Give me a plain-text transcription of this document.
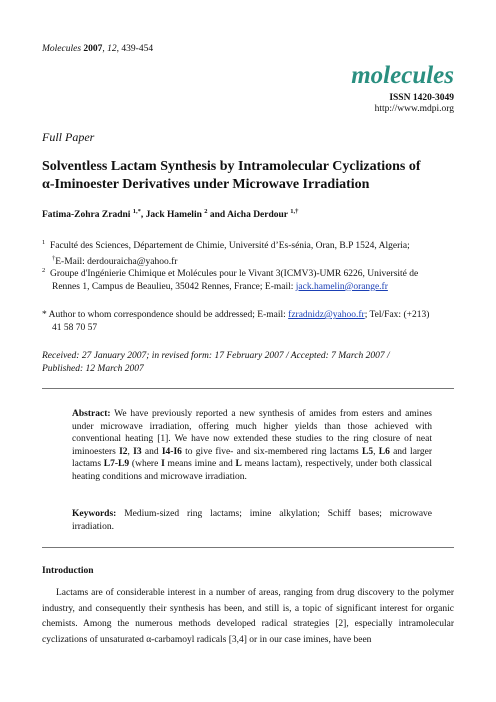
Molecules 2007, 12, 439-454
molecules
ISSN 1420-3049
http://www.mdpi.org
Full Paper
Solventless Lactam Synthesis by Intramolecular Cyclizations of
α-Iminoester Derivatives under Microwave Irradiation
Fatima-Zohra Zradni $^{1,*}$, Jack Hamelin $^2$ and Aicha Derdour $^{1,\dagger}$
$^1$ Faculté des Sciences, Département de Chimie, Université d’Es-sénia, Oran, B.P 1524, Algeria;
†E-Mail: derdouraicha@yahoo.fr
$^2$ Groupe d'Ingénierie Chimique et Molécules pour le Vivant 3(ICMV3)-UMR 6226, Université de
Rennes 1, Campus de Beaulieu, 35042 Rennes, France; E-mail: jack.hamelin@orange.fr
* Author to whom correspondence should be addressed; E-mail: fzradnidz@yahoo.fr; Tel/Fax: (+213)
41 58 70 57
Received: 27 January 2007; in revised form: 17 February 2007 / Accepted: 7 March 2007 /
Published: 12 March 2007
Abstract: We have previously reported a new synthesis of amides from esters and amines under microwave irradiation, offering much higher yields than those achieved with conventional heating [1]. We have now extended these studies to the ring closure of neat iminoesters I2, I3 and I4-I6 to give five- and six-membered ring lactams L5, L6 and larger lactams L7-L9 (where I means imine and L means lactam), respectively, under both classical heating conditions and microwave irradiation.
Keywords: Medium-sized ring lactams; imine alkylation; Schiff bases; microwave irradiation.
Introduction
Lactams are of considerable interest in a number of areas, ranging from drug discovery to the polymer industry, and consequently their synthesis has been, and still is, a topic of significant interest for organic chemists. Among the numerous methods developed radical strategies [2], especially intramolecular cyclizations of unsaturated α-carbamoyl radicals [3,4] or in our case imines, have been
